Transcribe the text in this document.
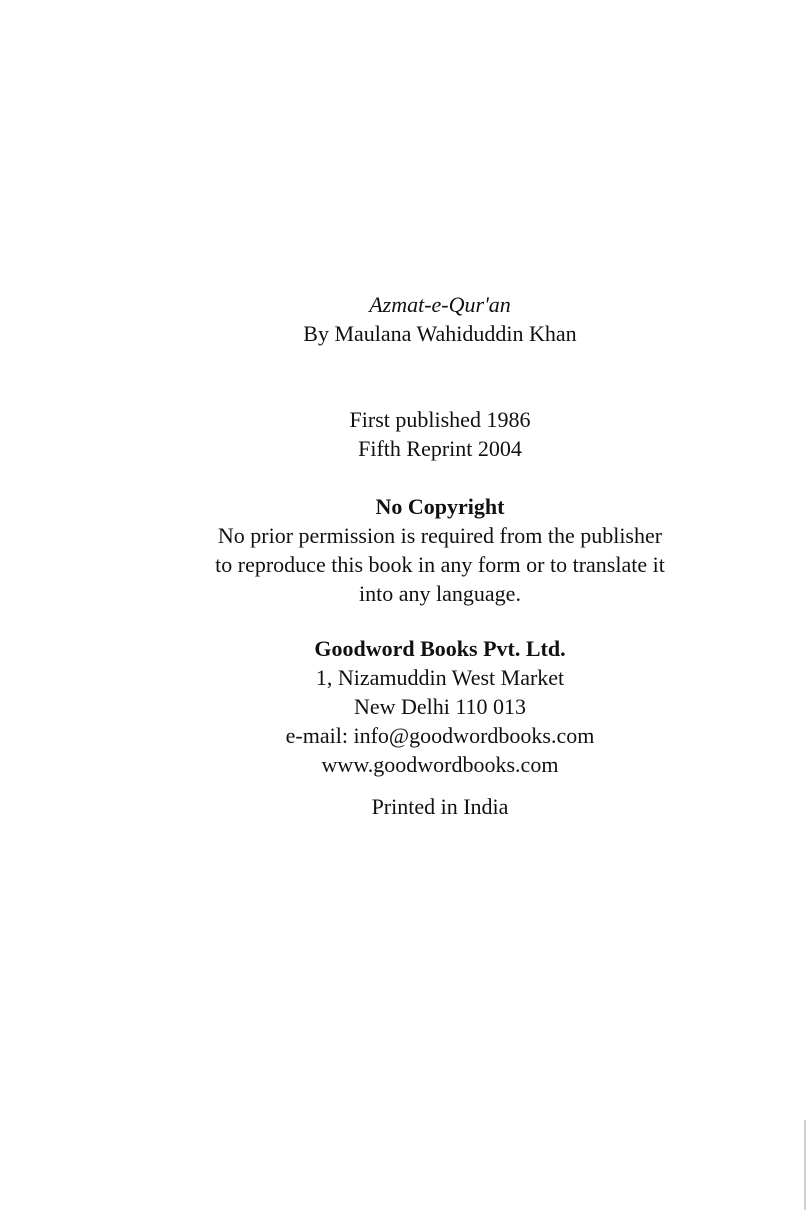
Azmat-e-Qur'an
By Maulana Wahiduddin Khan
First published 1986
Fifth Reprint 2004
No Copyright
No prior permission is required from the publisher
to reproduce this book in any form or to translate it
into any language.
Goodword Books Pvt. Ltd.
1, Nizamuddin West Market
New Delhi 110 013
e-mail: info@goodwordbooks.com
www.goodwordbooks.com
Printed in India
